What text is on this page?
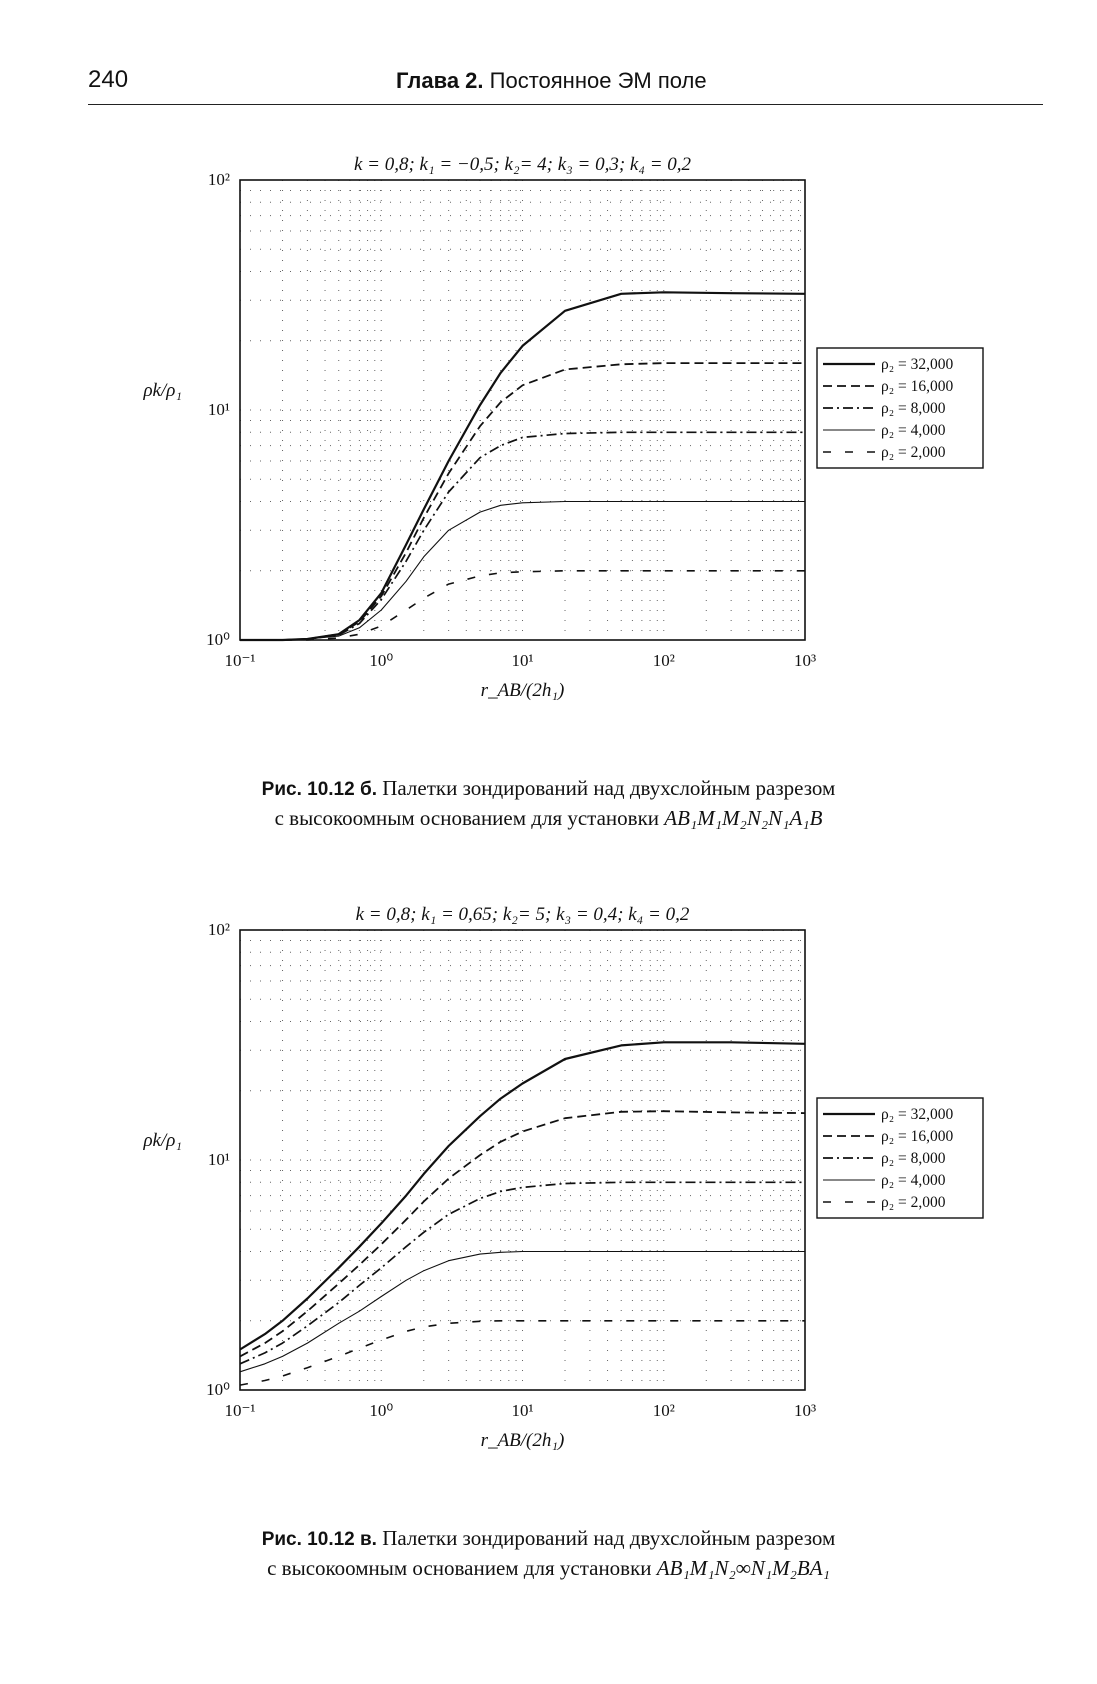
240	Глава 2. Постоянное ЭМ поле
k = 0,8; k₁ = −0,5; k₂= 4; k₃ = 0,3; k₄ = 0,2
10⁻¹	10⁰	10¹	10²	10³
10⁰
10¹
10²
r_AB/(2h₁)
ρk/ρ₁
ρ₂ = 32,000
ρ₂ = 16,000
ρ₂ = 8,000
ρ₂ = 4,000
ρ₂ = 2,000
Рис. 10.12 б. Палетки зондирований над двухслойным разрезом
с высокоомным основанием для установки AB₁M₁M₂N₂N₁A₁B
k = 0,8; k₁ = 0,65; k₂= 5; k₃ = 0,4; k₄ = 0,2
10⁻¹	10⁰	10¹	10²	10³
10⁰
10¹
10²
r_AB/(2h₁)
ρk/ρ₁
ρ₂ = 32,000
ρ₂ = 16,000
ρ₂ = 8,000
ρ₂ = 4,000
ρ₂ = 2,000
Рис. 10.12 в. Палетки зондирований над двухслойным разрезом
с высокоомным основанием для установки AB₁M₁N₂∞N₁M₂BA₁
